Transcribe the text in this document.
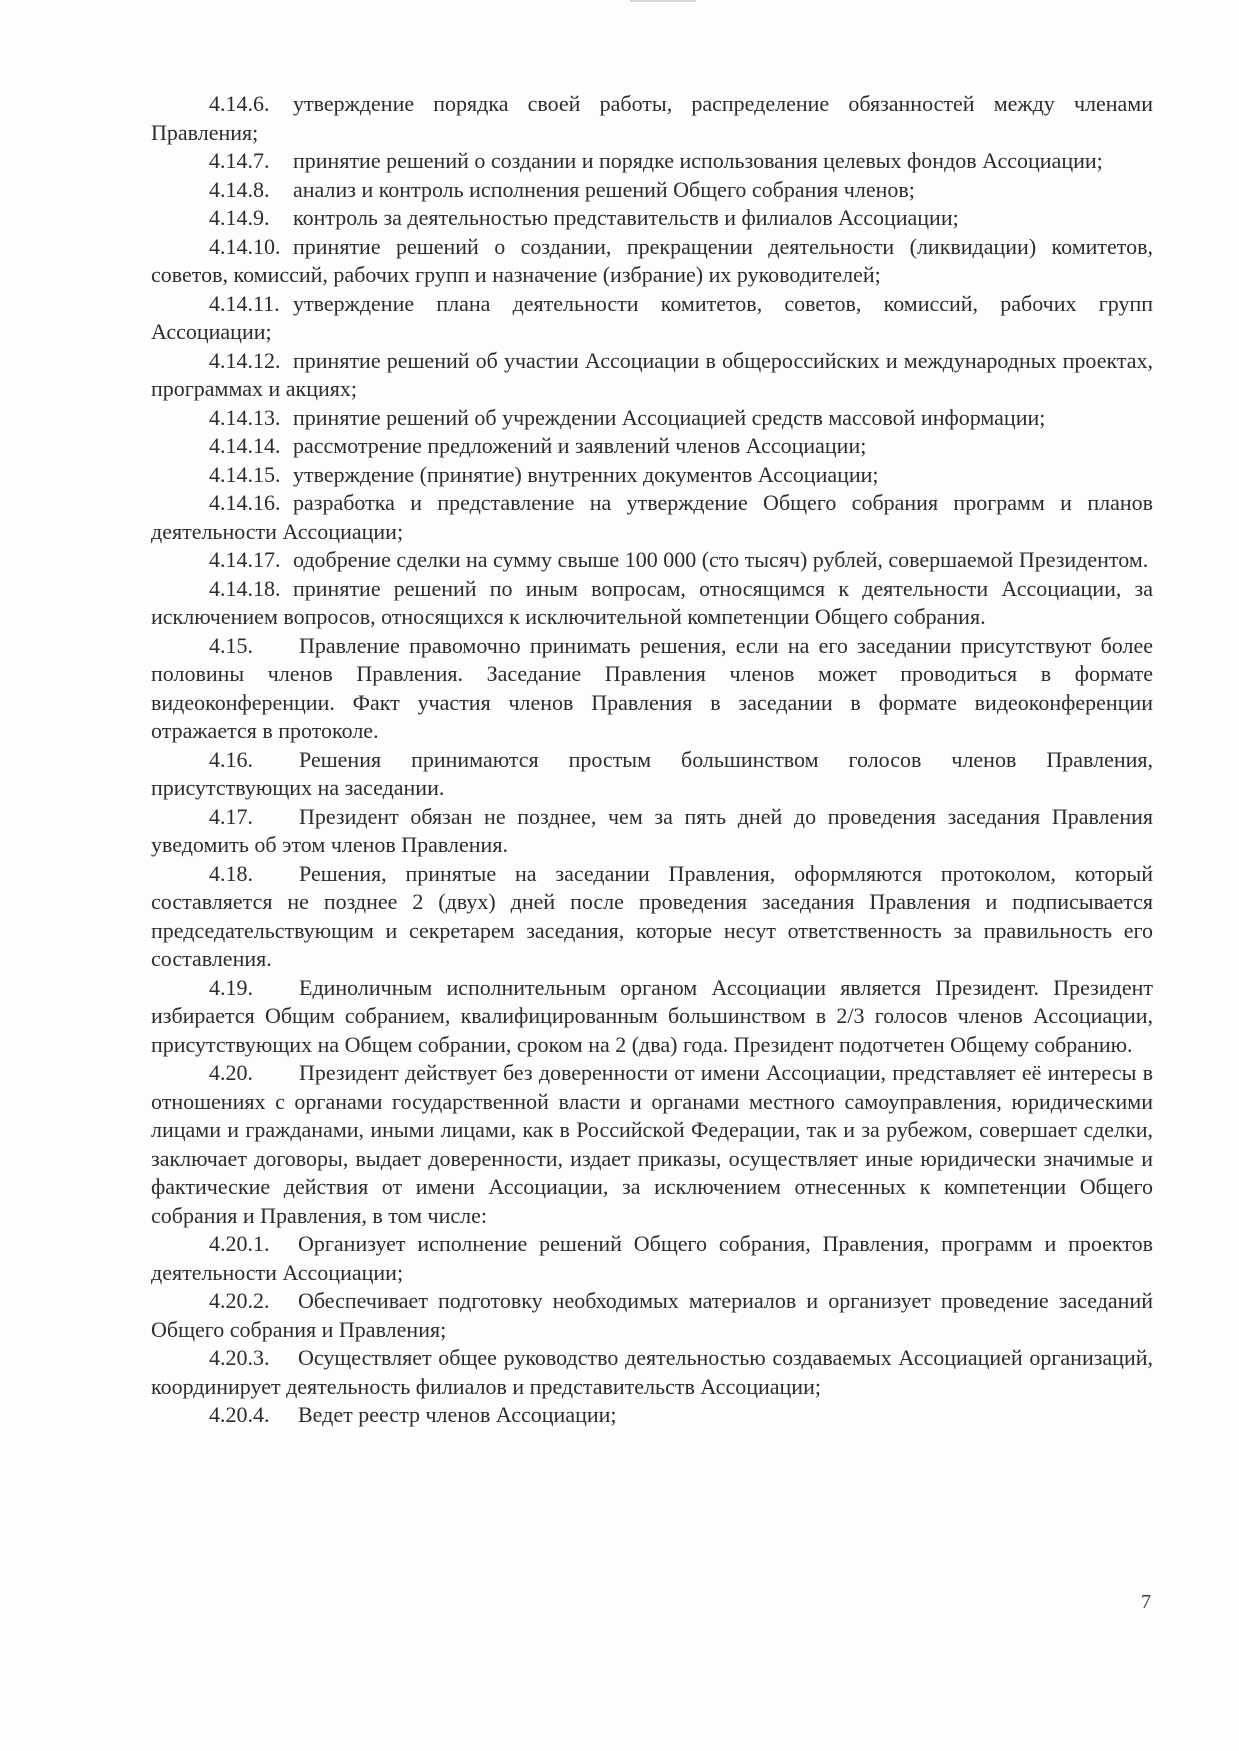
4.14.6. утверждение порядка своей работы, распределение обязанностей между членами Правления;

4.14.7. принятие решений о создании и порядке использования целевых фондов Ассоциации;

4.14.8. анализ и контроль исполнения решений Общего собрания членов;

4.14.9. контроль за деятельностью представительств и филиалов Ассоциации;

4.14.10. принятие решений о создании, прекращении деятельности (ликвидации) комитетов, советов, комиссий, рабочих групп и назначение (избрание) их руководителей;

4.14.11. утверждение плана деятельности комитетов, советов, комиссий, рабочих групп Ассоциации;

4.14.12. принятие решений об участии Ассоциации в общероссийских и международных проектах, программах и акциях;

4.14.13. принятие решений об учреждении Ассоциацией средств массовой информации;

4.14.14. рассмотрение предложений и заявлений членов Ассоциации;

4.14.15. утверждение (принятие) внутренних документов Ассоциации;

4.14.16. разработка и представление на утверждение Общего собрания программ и планов деятельности Ассоциации;

4.14.17. одобрение сделки на сумму свыше 100 000 (сто тысяч) рублей, совершаемой Президентом.

4.14.18. принятие решений по иным вопросам, относящимся к деятельности Ассоциации, за исключением вопросов, относящихся к исключительной компетенции Общего собрания.

4.15. Правление правомочно принимать решения, если на его заседании присутствуют более половины членов Правления. Заседание Правления членов может проводиться в формате видеоконференции. Факт участия членов Правления в заседании в формате видеоконференции отражается в протоколе.

4.16. Решения принимаются простым большинством голосов членов Правления, присутствующих на заседании.

4.17. Президент обязан не позднее, чем за пять дней до проведения заседания Правления уведомить об этом членов Правления.

4.18. Решения, принятые на заседании Правления, оформляются протоколом, который составляется не позднее 2 (двух) дней после проведения заседания Правления и подписывается председательствующим и секретарем заседания, которые несут ответственность за правильность его составления.

4.19. Единоличным исполнительным органом Ассоциации является Президент. Президент избирается Общим собранием, квалифицированным большинством в 2/3 голосов членов Ассоциации, присутствующих на Общем собрании, сроком на 2 (два) года. Президент подотчетен Общему собранию.

4.20. Президент действует без доверенности от имени Ассоциации, представляет её интересы в отношениях с органами государственной власти и органами местного самоуправления, юридическими лицами и гражданами, иными лицами, как в Российской Федерации, так и за рубежом, совершает сделки, заключает договоры, выдает доверенности, издает приказы, осуществляет иные юридически значимые и фактические действия от имени Ассоциации, за исключением отнесенных к компетенции Общего собрания и Правления, в том числе:

4.20.1. Организует исполнение решений Общего собрания, Правления, программ и проектов деятельности Ассоциации;

4.20.2. Обеспечивает подготовку необходимых материалов и организует проведение заседаний Общего собрания и Правления;

4.20.3. Осуществляет общее руководство деятельностью создаваемых Ассоциацией организаций, координирует деятельность филиалов и представительств Ассоциации;

4.20.4. Ведет реестр членов Ассоциации;

7
